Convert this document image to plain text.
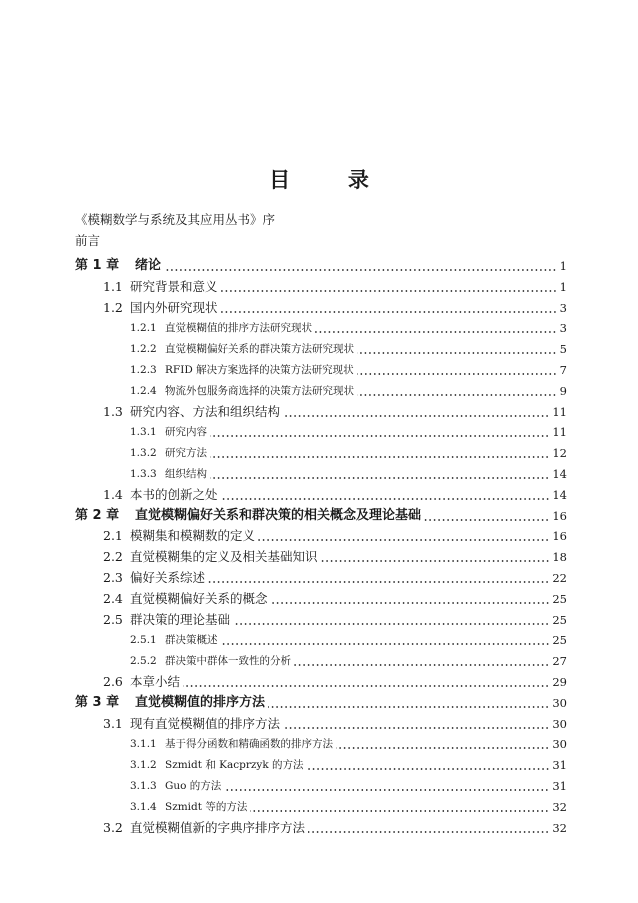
目 录
《模糊数学与系统及其应用丛书》序
前言
第 1 章	绪论	1
1.1 研究背景和意义	1
1.2 国内外研究现状	3
1.2.1 直觉模糊值的排序方法研究现状	3
1.2.2 直觉模糊偏好关系的群决策方法研究现状	5
1.2.3 RFID 解决方案选择的决策方法研究现状	7
1.2.4 物流外包服务商选择的决策方法研究现状	9
1.3 研究内容、方法和组织结构	11
1.3.1 研究内容	11
1.3.2 研究方法	12
1.3.3 组织结构	14
1.4 本书的创新之处	14
第 2 章	直觉模糊偏好关系和群决策的相关概念及理论基础	16
2.1 模糊集和模糊数的定义	16
2.2 直觉模糊集的定义及相关基础知识	18
2.3 偏好关系综述	22
2.4 直觉模糊偏好关系的概念	25
2.5 群决策的理论基础	25
2.5.1 群决策概述	25
2.5.2 群决策中群体一致性的分析	27
2.6 本章小结	29
第 3 章	直觉模糊值的排序方法	30
3.1 现有直觉模糊值的排序方法	30
3.1.1 基于得分函数和精确函数的排序方法	30
3.1.2 Szmidt 和 Kacprzyk 的方法	31
3.1.3 Guo 的方法	31
3.1.4 Szmidt 等的方法	32
3.2 直觉模糊值新的字典序排序方法	32
